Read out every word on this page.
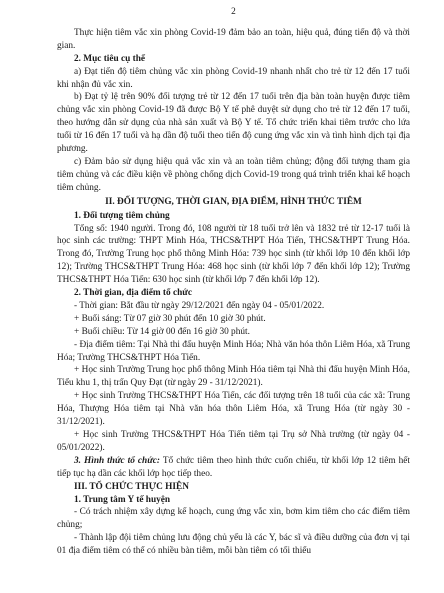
2

Thực hiện tiêm vắc xin phòng Covid-19 đảm bảo an toàn, hiệu quả, đúng tiến độ và thời gian.

2. Mục tiêu cụ thể

a) Đạt tiến độ tiêm chủng vắc xin phòng Covid-19 nhanh nhất cho trẻ từ 12 đến 17 tuổi khi nhận đủ vắc xin.

b) Đạt tỷ lệ trên 90% đối tượng trẻ từ 12 đến 17 tuổi trên địa bàn toàn huyện được tiêm chủng vắc xin phòng Covid-19 đã được Bộ Y tế phê duyệt sử dụng cho trẻ từ 12 đến 17 tuổi, theo hướng dẫn sử dụng của nhà sản xuất và Bộ Y tế. Tổ chức triển khai tiêm trước cho lứa tuổi từ 16 đến 17 tuổi và hạ dần độ tuổi theo tiến độ cung ứng vắc xin và tình hình dịch tại địa phương.

c) Đảm bảo sử dụng hiệu quả vắc xin và an toàn tiêm chủng; động đối tượng tham gia tiêm chủng và các điều kiện về phòng chống dịch Covid-19 trong quá trình triển khai kế hoạch tiêm chủng.

II. ĐỐI TƯỢNG, THỜI GIAN, ĐỊA ĐIỂM, HÌNH THỨC TIÊM

1. Đối tượng tiêm chủng

Tổng số: 1940 người. Trong đó, 108 người từ 18 tuổi trở lên và 1832 trẻ từ 12-17 tuổi là học sinh các trường: THPT Minh Hóa, THCS&THPT Hóa Tiến, THCS&THPT Trung Hóa. Trong đó, Trường Trung học phổ thông Minh Hóa: 739 học sinh (từ khối lớp 10 đến khối lớp 12); Trường THCS&THPT Trung Hóa: 468 học sinh (từ khối lớp 7 đến khối lớp 12); Trường THCS&THPT Hóa Tiến: 630 học sinh (từ khối lớp 7 đến khối lớp 12).

2. Thời gian, địa điểm tổ chức

- Thời gian: Bắt đầu từ ngày 29/12/2021 đến ngày 04 - 05/01/2022.

+ Buổi sáng: Từ 07 giờ 30 phút đến 10 giờ 30 phút.

+ Buổi chiều: Từ 14 giờ 00 đến 16 giờ 30 phút.

- Địa điểm tiêm: Tại Nhà thi đấu huyện Minh Hóa; Nhà văn hóa thôn Liêm Hóa, xã Trung Hóa; Trường THCS&THPT Hóa Tiến.

+ Học sinh Trường Trung học phổ thông Minh Hóa tiêm tại Nhà thi đấu huyện Minh Hóa, Tiểu khu 1, thị trấn Quy Đạt (từ ngày 29 - 31/12/2021).

+ Học sinh Trường THCS&THPT Hóa Tiến, các đối tượng trên 18 tuổi của các xã: Trung Hóa, Thượng Hóa tiêm tại Nhà văn hóa thôn Liêm Hóa, xã Trung Hóa (từ ngày 30 - 31/12/2021).

+ Học sinh Trường THCS&THPT Hóa Tiến tiêm tại Trụ sở Nhà trường (từ ngày 04 - 05/01/2022).

3. Hình thức tổ chức: Tổ chức tiêm theo hình thức cuốn chiếu, từ khối lớp 12 tiêm hết tiếp tục hạ dần các khối lớp học tiếp theo.

III. TỔ CHỨC THỰC HIỆN

1. Trung tâm Y tế huyện

- Có trách nhiệm xây dựng kế hoạch, cung ứng vắc xin, bơm kim tiêm cho các điểm tiêm chủng;

- Thành lập đội tiêm chủng lưu động chủ yếu là các Y, bác sĩ và điều dưỡng của đơn vị tại 01 địa điểm tiêm có thể có nhiều bàn tiêm, mỗi bàn tiêm có tối thiểu
